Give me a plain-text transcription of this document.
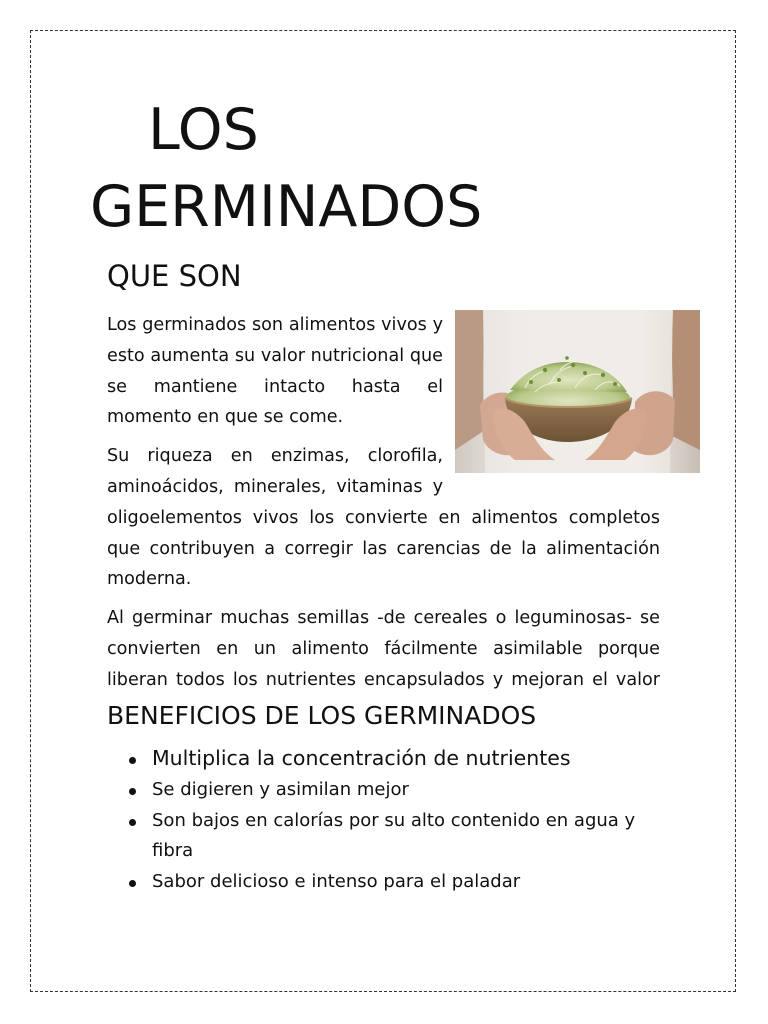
LOS
GERMINADOS
QUE SON

Los germinados son alimentos vivos y esto aumenta su valor nutricional que se mantiene intacto hasta el momento en que se come.

Su riqueza en enzimas, clorofila, aminoácidos, minerales, vitaminas y oligoelementos vivos los convierte en alimentos completos que contribuyen a corregir las carencias de la alimentación moderna.

Al germinar muchas semillas -de cereales o leguminosas- se convierten en un alimento fácilmente asimilable porque liberan todos los nutrientes encapsulados y mejoran el valor

BENEFICIOS DE LOS GERMINADOS
Multiplica la concentración de nutrientes
Se digieren y asimilan mejor
Son bajos en calorías por su alto contenido en agua y fibra
Sabor delicioso e intenso para el paladar
